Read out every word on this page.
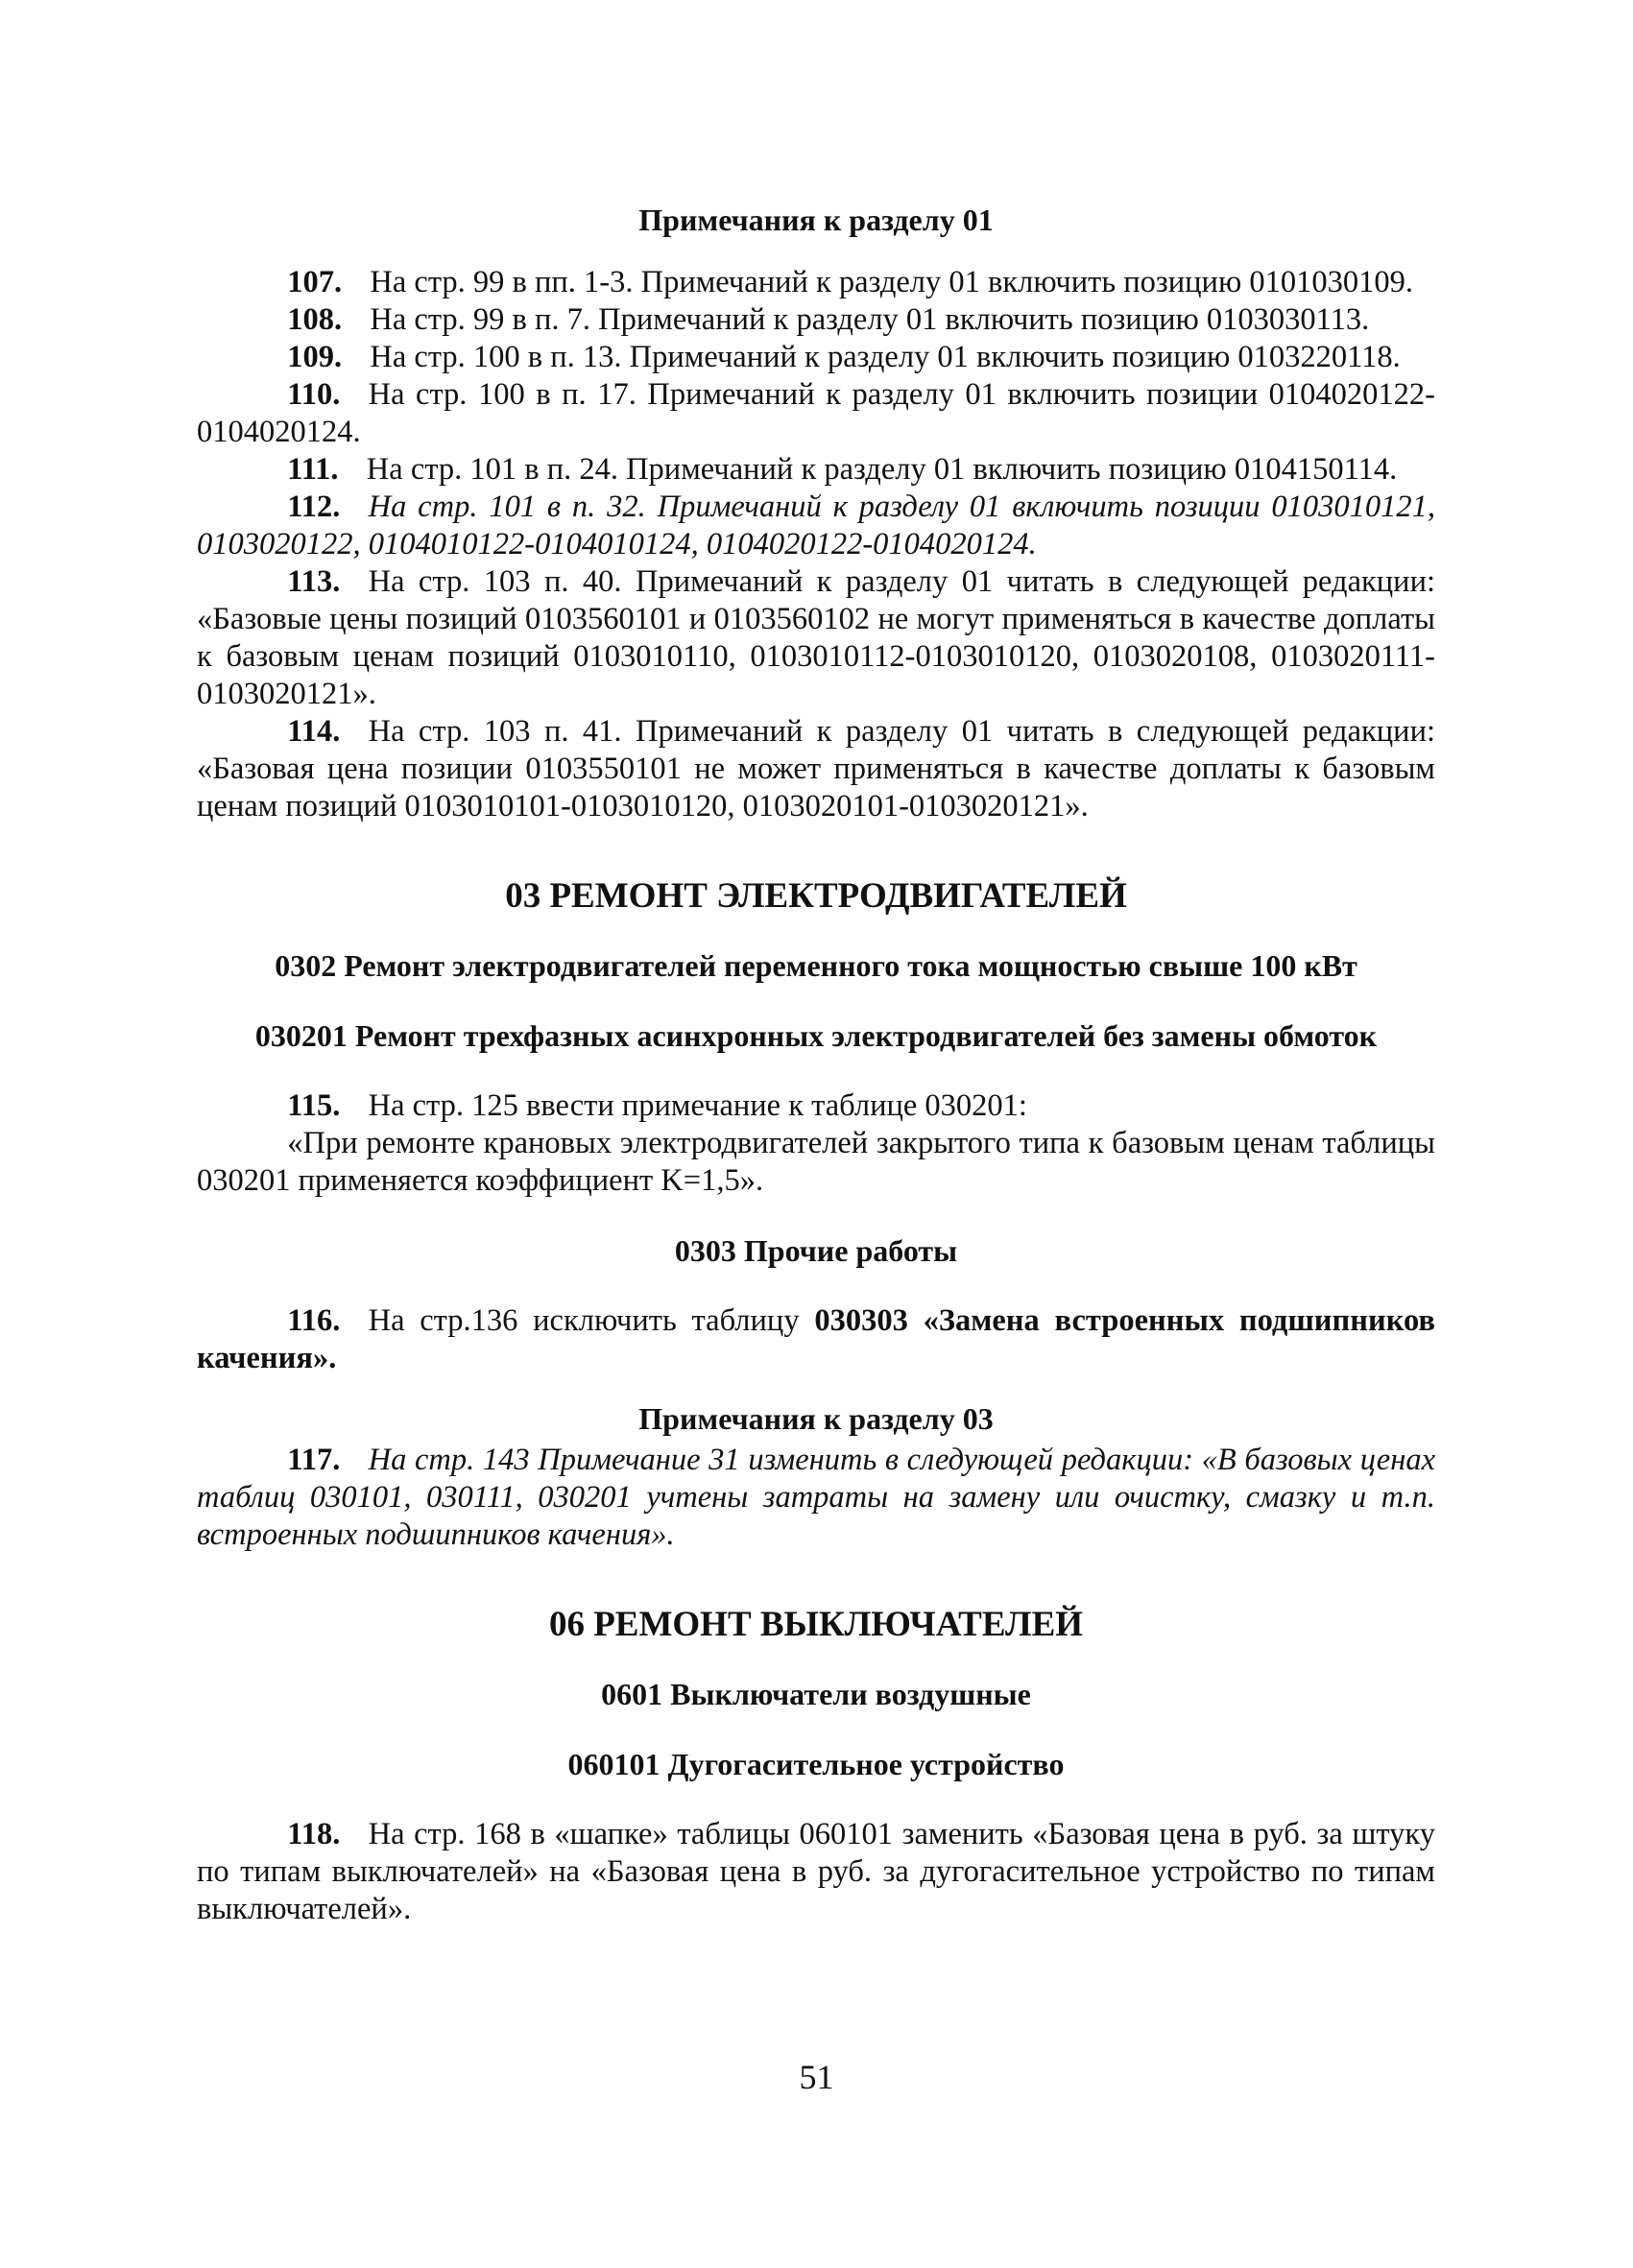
Примечания к разделу 01

107. На стр. 99 в пп. 1-3. Примечаний к разделу 01 включить позицию 0101030109.

108. На стр. 99 в п. 7. Примечаний к разделу 01 включить позицию 0103030113.

109. На стр. 100 в п. 13. Примечаний к разделу 01 включить позицию 0103220118.

110. На стр. 100 в п. 17. Примечаний к разделу 01 включить позиции 0104020122-0104020124.

111. На стр. 101 в п. 24. Примечаний к разделу 01 включить позицию 0104150114.

112. На стр. 101 в п. 32. Примечаний к разделу 01 включить позиции 0103010121, 0103020122, 0104010122-0104010124, 0104020122-0104020124.

113. На стр. 103 п. 40. Примечаний к разделу 01 читать в следующей редакции: «Базовые цены позиций 0103560101 и 0103560102 не могут применяться в качестве доплаты к базовым ценам позиций 0103010110, 0103010112-0103010120, 0103020108, 0103020111-0103020121».

114. На стр. 103 п. 41. Примечаний к разделу 01 читать в следующей редакции: «Базовая цена позиции 0103550101 не может применяться в качестве доплаты к базовым ценам позиций 0103010101-0103010120, 0103020101-0103020121».

03 РЕМОНТ ЭЛЕКТРОДВИГАТЕЛЕЙ

0302 Ремонт электродвигателей переменного тока мощностью свыше 100 кВт

030201 Ремонт трехфазных асинхронных электродвигателей без замены обмоток

115. На стр. 125 ввести примечание к таблице 030201:

«При ремонте крановых электродвигателей закрытого типа к базовым ценам таблицы 030201 применяется коэффициент K=1,5».

0303 Прочие работы

116. На стр.136 исключить таблицу 030303 «Замена встроенных подшипников качения».

Примечания к разделу 03

117. На стр. 143 Примечание 31 изменить в следующей редакции: «В базовых ценах таблиц 030101, 030111, 030201 учтены затраты на замену или очистку, смазку и т.п. встроенных подшипников качения».

06 РЕМОНТ ВЫКЛЮЧАТЕЛЕЙ

0601 Выключатели воздушные

060101 Дугогасительное устройство

118. На стр. 168 в «шапке» таблицы 060101 заменить «Базовая цена в руб. за штуку по типам выключателей» на «Базовая цена в руб. за дугогасительное устройство по типам выключателей».

51
